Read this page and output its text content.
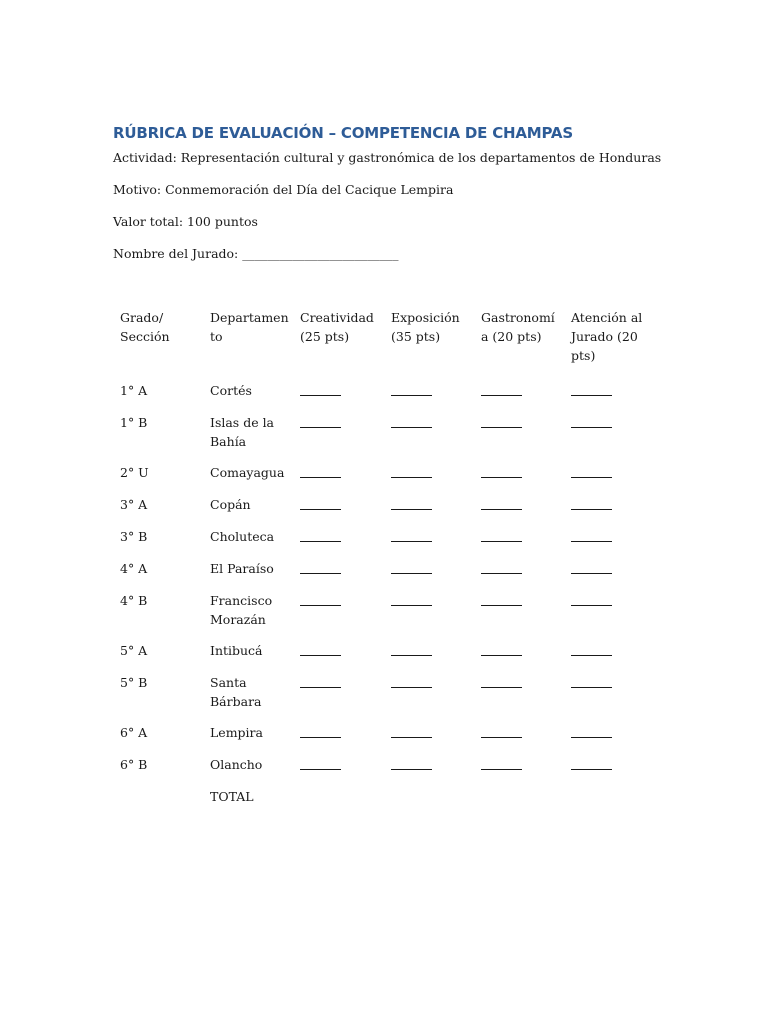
RÚBRICA DE EVALUACIÓN – COMPETENCIA DE CHAMPAS
Actividad: Representación cultural y gastronómica de los departamentos de Honduras
Motivo: Conmemoración del Día del Cacique Lempira
Valor total: 100 puntos
Nombre del Jurado: _________________________
Grado/ Sección	Departamen to	Creatividad (25 pts)	Exposición (35 pts)	Gastronomía (20 pts)	Atención al Jurado (20 pts)
1° A	Cortés				
1° B	Islas de la Bahía				
2° U	Comayagua				
3° A	Copán				
3° B	Choluteca				
4° A	El Paraíso				
4° B	Francisco Morazán				
5° A	Intibucá				
5° B	Santa Bárbara				
6° A	Lempira				
6° B	Olancho				
	TOTAL				
